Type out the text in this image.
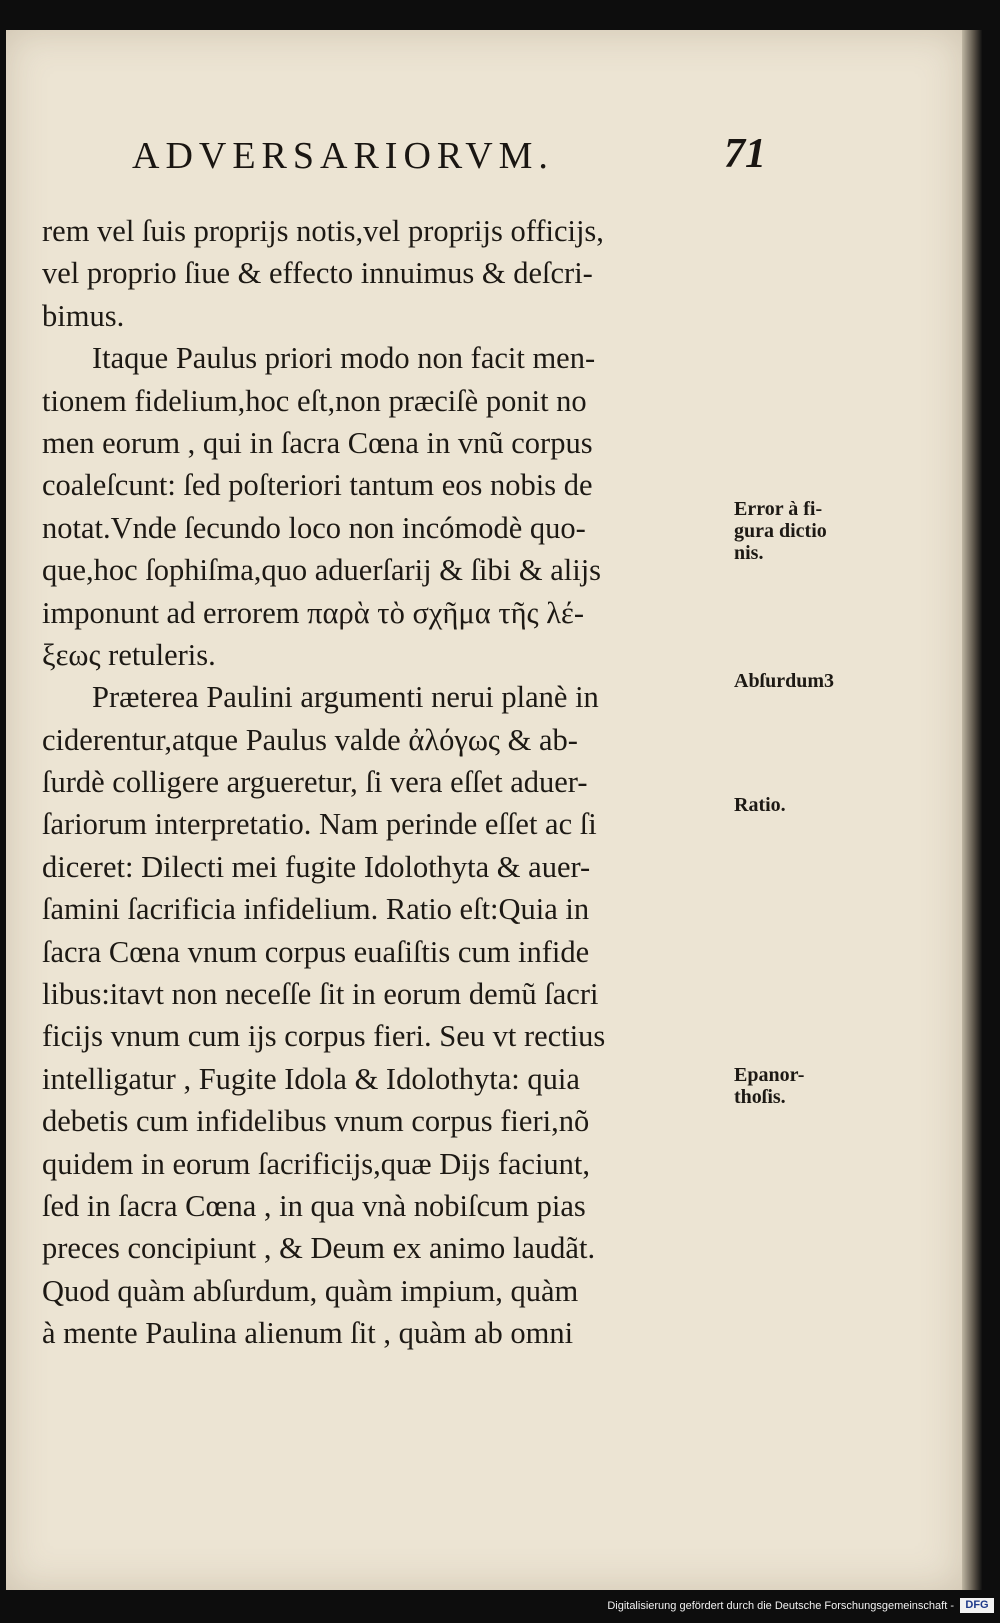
ADVERSARIORVM.	71
rem vel ſuis proprijs notis,vel proprijs officijs,
vel proprio ſiue & effecto innuimus & deſcri-
bimus.
Itaque Paulus priori modo non facit men-
tionem fidelium,hoc eſt,non præciſè ponit no
men eorum , qui in ſacra Cœna in vnũ corpus
coaleſcunt: ſed poſteriori tantum eos nobis de
notat.Vnde ſecundo loco non incómodè quo-
que,hoc ſophiſma,quo aduerſarij & ſibi & alijs
imponunt ad errorem παρὰ τὸ σχῆμα τῆς λέ-
ξεως retuleris.
Præterea Paulini argumenti nerui planè in
ciderentur,atque Paulus valde ἀλόγως & ab-
ſurdè colligere argueretur, ſi vera eſſet aduer-
ſariorum interpretatio. Nam perinde eſſet ac ſi
diceret: Dilecti mei fugite Idolothyta & auer-
ſamini ſacrificia infidelium. Ratio eſt:Quia in
ſacra Cœna vnum corpus euaſiſtis cum infide
libus:itavt non neceſſe ſit in eorum demũ ſacri
ficijs vnum cum ijs corpus fieri. Seu vt rectius
intelligatur , Fugite Idola & Idolothyta: quia
debetis cum infidelibus vnum corpus fieri,nõ
quidem in eorum ſacrificijs,quæ Dijs faciunt,
ſed in ſacra Cœna , in qua vnà nobiſcum pias
preces concipiunt , & Deum ex animo laudãt.
Quod quàm abſurdum, quàm impium, quàm
à mente Paulina alienum ſit , quàm ab omni
Error à fi-
gura dictio
nis.
Abſurdum3
Ratio.
Epanor-
thoſis.
Digitalisierung gefördert durch die Deutsche Forschungsgemeinschaft -	DFG
